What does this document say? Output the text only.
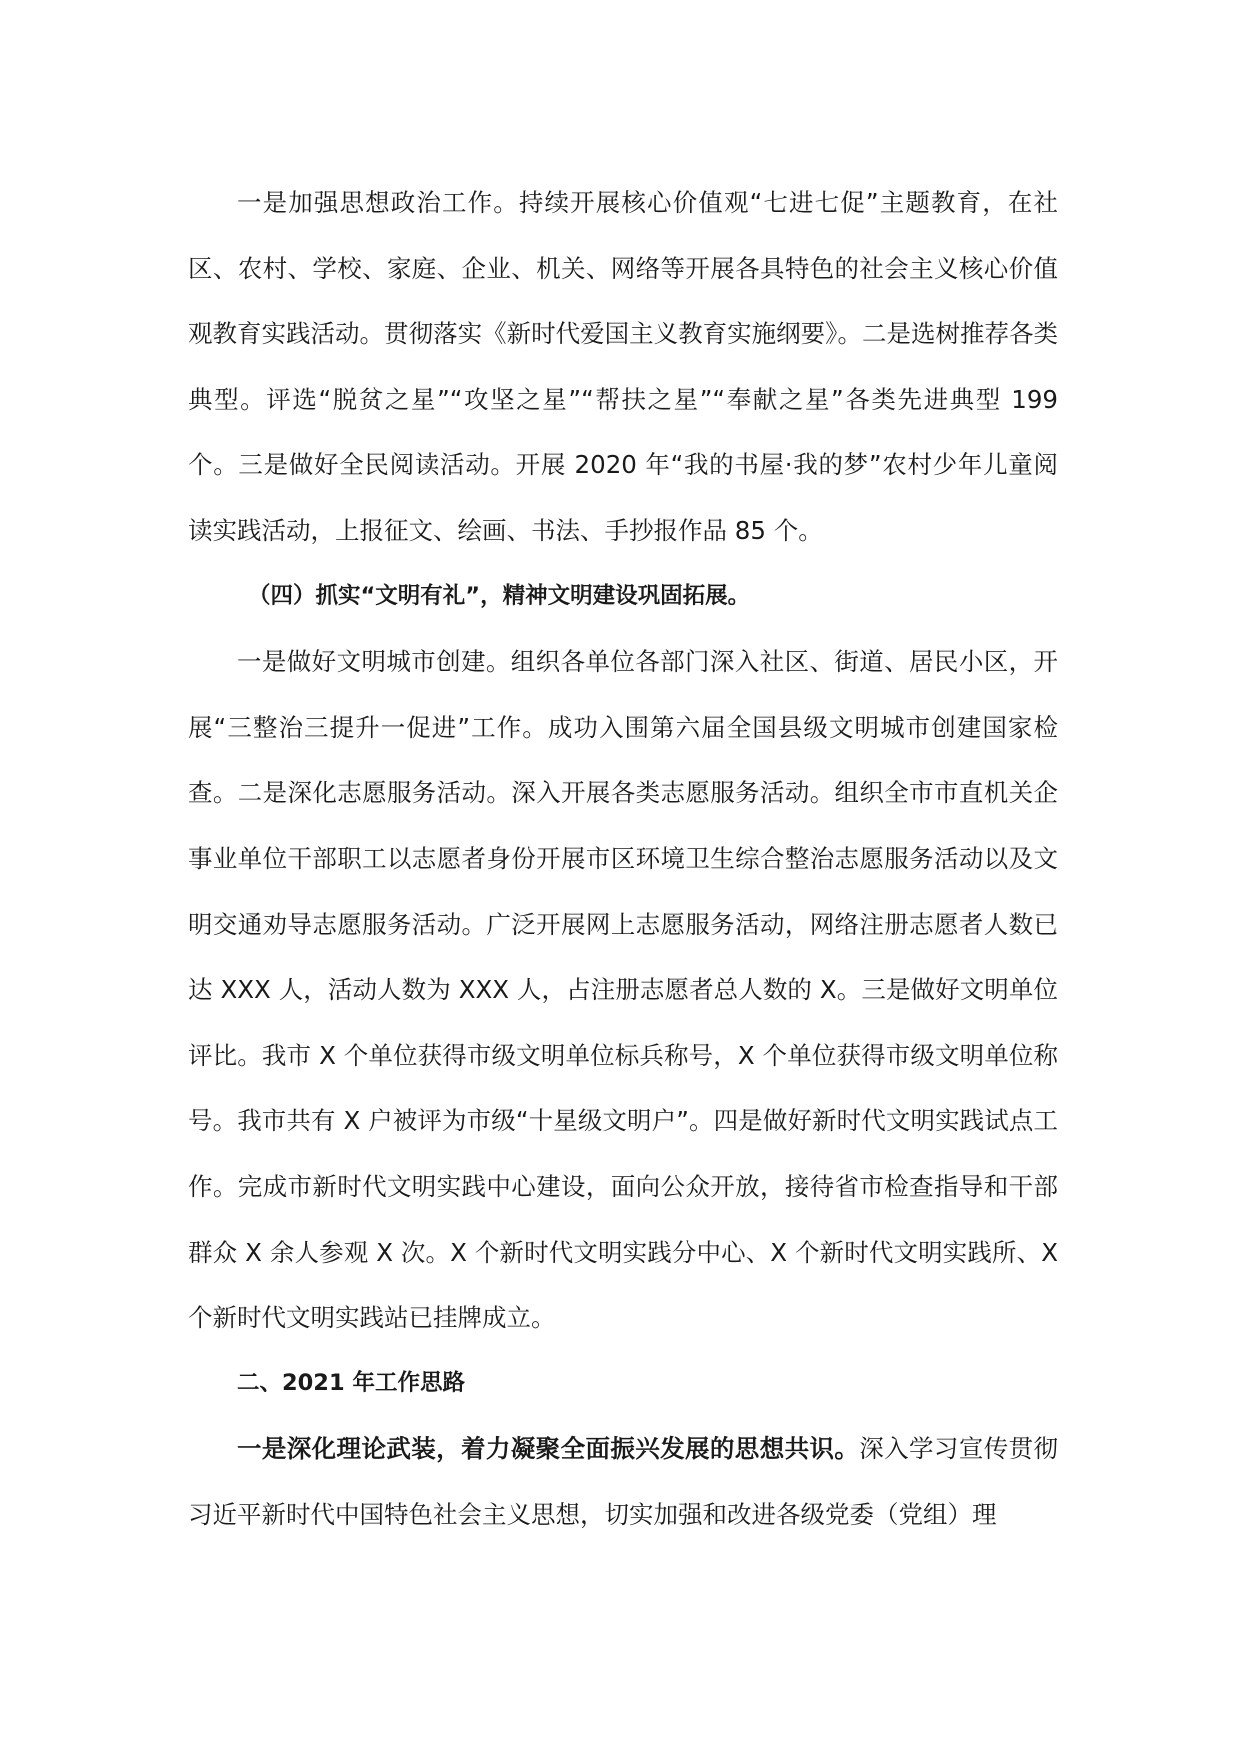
一是加强思想政治工作。持续开展核心价值观“七进七促”主题教育，在社区、农村、学校、家庭、企业、机关、网络等开展各具特色的社会主义核心价值观教育实践活动。贯彻落实《新时代爱国主义教育实施纲要》。二是选树推荐各类典型。评选“脱贫之星”“攻坚之星”“帮扶之星”“奉献之星”各类先进典型 199 个。三是做好全民阅读活动。开展 2020 年“我的书屋·我的梦”农村少年儿童阅读实践活动，上报征文、绘画、书法、手抄报作品 85 个。

（四）抓实“文明有礼”，精神文明建设巩固拓展。

一是做好文明城市创建。组织各单位各部门深入社区、街道、居民小区，开展“三整治三提升一促进”工作。成功入围第六届全国县级文明城市创建国家检查。二是深化志愿服务活动。深入开展各类志愿服务活动。组织全市市直机关企事业单位干部职工以志愿者身份开展市区环境卫生综合整治志愿服务活动以及文明交通劝导志愿服务活动。广泛开展网上志愿服务活动，网络注册志愿者人数已达 XXX 人，活动人数为 XXX 人，占注册志愿者总人数的 X。三是做好文明单位评比。我市 X 个单位获得市级文明单位标兵称号，X 个单位获得市级文明单位称号。我市共有 X 户被评为市级“十星级文明户”。四是做好新时代文明实践试点工作。完成市新时代文明实践中心建设，面向公众开放，接待省市检查指导和干部群众 X 余人参观 X 次。X 个新时代文明实践分中心、X 个新时代文明实践所、X 个新时代文明实践站已挂牌成立。

二、2021 年工作思路

一是深化理论武装，着力凝聚全面振兴发展的思想共识。深入学习宣传贯彻习近平新时代中国特色社会主义思想，切实加强和改进各级党委（党组）理
